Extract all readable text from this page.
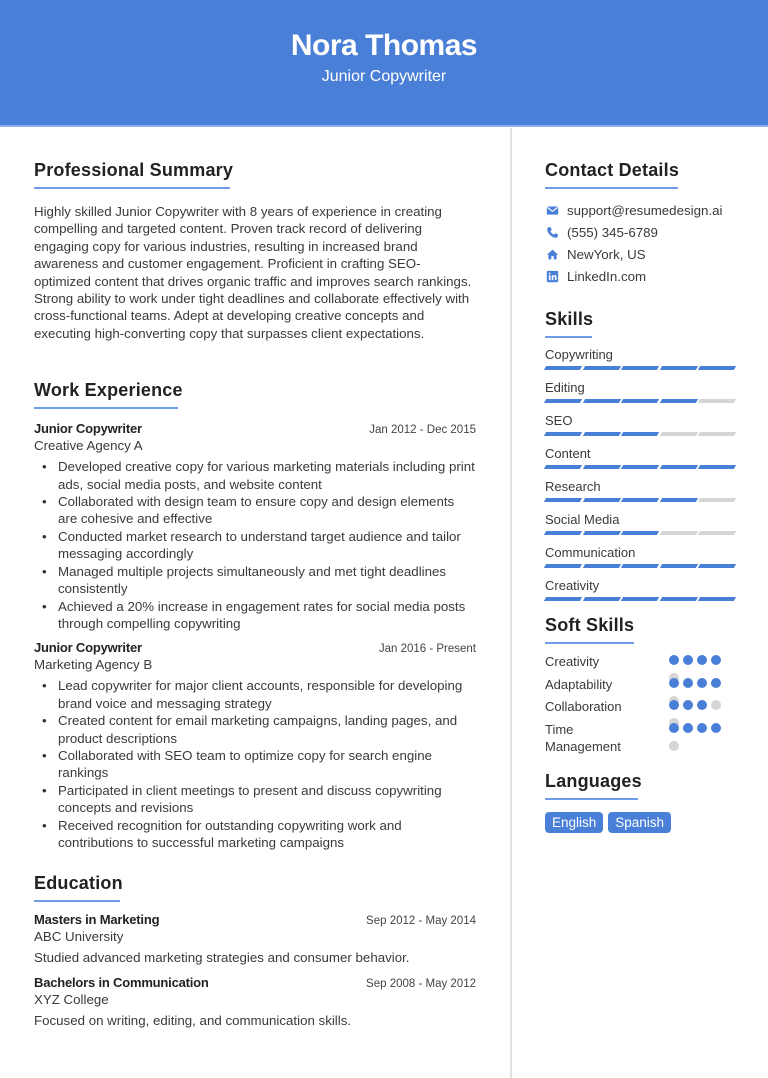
Nora Thomas
Junior Copywriter
Professional Summary

Highly skilled Junior Copywriter with 8 years of experience in creating compelling and targeted content. Proven track record of delivering engaging copy for various industries, resulting in increased brand awareness and customer engagement. Proficient in crafting SEO-optimized content that drives organic traffic and improves search rankings. Strong ability to work under tight deadlines and collaborate effectively with cross-functional teams. Adept at developing creative concepts and executing high-converting copy that surpasses client expectations.

Work Experience
Junior Copywriter	Jan 2012 - Dec 2015
Creative Agency A
• Developed creative copy for various marketing materials including print ads, social media posts, and website content
• Collaborated with design team to ensure copy and design elements are cohesive and effective
• Conducted market research to understand target audience and tailor messaging accordingly
• Managed multiple projects simultaneously and met tight deadlines consistently
• Achieved a 20% increase in engagement rates for social media posts through compelling copywriting
Junior Copywriter	Jan 2016 - Present
Marketing Agency B
• Lead copywriter for major client accounts, responsible for developing brand voice and messaging strategy
• Created content for email marketing campaigns, landing pages, and product descriptions
• Collaborated with SEO team to optimize copy for search engine rankings
• Participated in client meetings to present and discuss copywriting concepts and revisions
• Received recognition for outstanding copywriting work and contributions to successful marketing campaigns
Education
Masters in Marketing	Sep 2012 - May 2014
ABC University
Studied advanced marketing strategies and consumer behavior.
Bachelors in Communication	Sep 2008 - May 2012
XYZ College
Focused on writing, editing, and communication skills.
Contact Details
support@resumedesign.ai
(555) 345-6789
NewYork, US
LinkedIn.com
Skills
Copywriting
Editing
SEO
Content
Research
Social Media
Communication
Creativity
Soft Skills
Creativity
Adaptability
Collaboration
Time Management
Languages
English	Spanish
